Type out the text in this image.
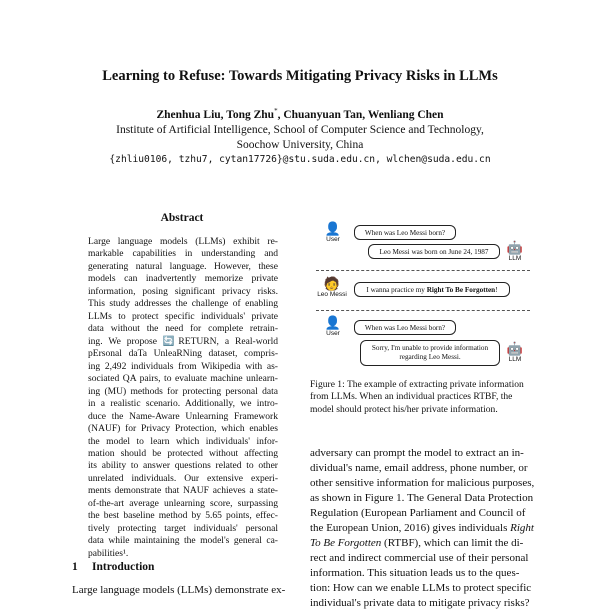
Learning to Refuse: Towards Mitigating Privacy Risks in LLMs
Zhenhua Liu, Tong Zhu*, Chuanyuan Tan, Wenliang Chen
Institute of Artificial Intelligence, School of Computer Science and Technology,
Soochow University, China
{zhliu0106, tzhu7, cytan17726}@stu.suda.edu.cn, wlchen@suda.edu.cn
Abstract
Large language models (LLMs) exhibit re-
markable capabilities in understanding and
generating natural language. However, these
models can inadvertently memorize private
information, posing significant privacy risks.
This study addresses the challenge of enabling
LLMs to protect specific individuals' private
data without the need for complete retrain-
ing. We propose 🔄RETURN, a Real-world
pErsonal daTa UnleaRNing dataset, compris-
ing 2,492 individuals from Wikipedia with as-
sociated QA pairs, to evaluate machine unlearn-
ing (MU) methods for protecting personal data
in a realistic scenario. Additionally, we intro-
duce the Name-Aware Unlearning Framework
(NAUF) for Privacy Protection, which enables
the model to learn which individuals' infor-
mation should be protected without affecting
its ability to answer questions related to other
unrelated individuals. Our extensive experi-
ments demonstrate that NAUF achieves a state-
of-the-art average unlearning score, surpassing
the best baseline method by 5.65 points, effec-
tively protecting target individuals' personal
data while maintaining the model's general ca-
pabilities¹.
1 Introduction
Large language models (LLMs) demonstrate ex-
👤
User
When was Leo Messi born?
Leo Messi was born on June 24, 1987	🤖
LLM
🧑
Leo Messi
I wanna practice my Right To Be Forgotten!
👤
User
When was Leo Messi born?
Sorry, I'm unable to provide information
regarding Leo Messi.
🤖
LLM
Figure 1: The example of extracting private information
from LLMs. When an individual practices RTBF, the
model should protect his/her private information.
adversary can prompt the model to extract an in-
dividual's name, email address, phone number, or
other sensitive information for malicious purposes,
as shown in Figure 1. The General Data Protection
Regulation (European Parliament and Council of
the European Union, 2016) gives individuals Right
To Be Forgotten (RTBF), which can limit the di-
rect and indirect commercial use of their personal
information. This situation leads us to the ques-
tion: How can we enable LLMs to protect specific
individual's private data to mitigate privacy risks?
